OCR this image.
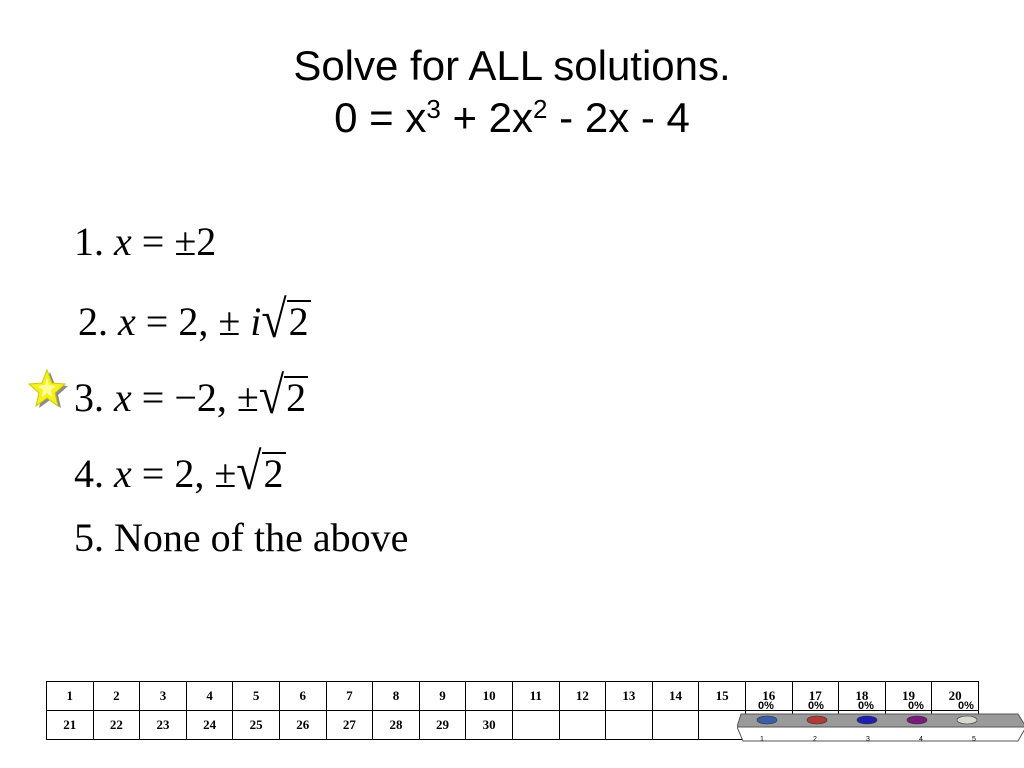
Solve for ALL solutions.
$0 = x^3 + 2x^2 - 2x - 4$
1. x = ±2
2. x = 2, ± i√2
3. x = −2, ±√2
4. x = 2, ±√2
5. None of the above
1	2	3	4	5	6	7	8	9	10	11	12	13	14	15	16	17	18	19	20
21	22	23	24	25	26	27	28	29	30										
0%	0%	0%	0%	0%
1	2	3	4	5
